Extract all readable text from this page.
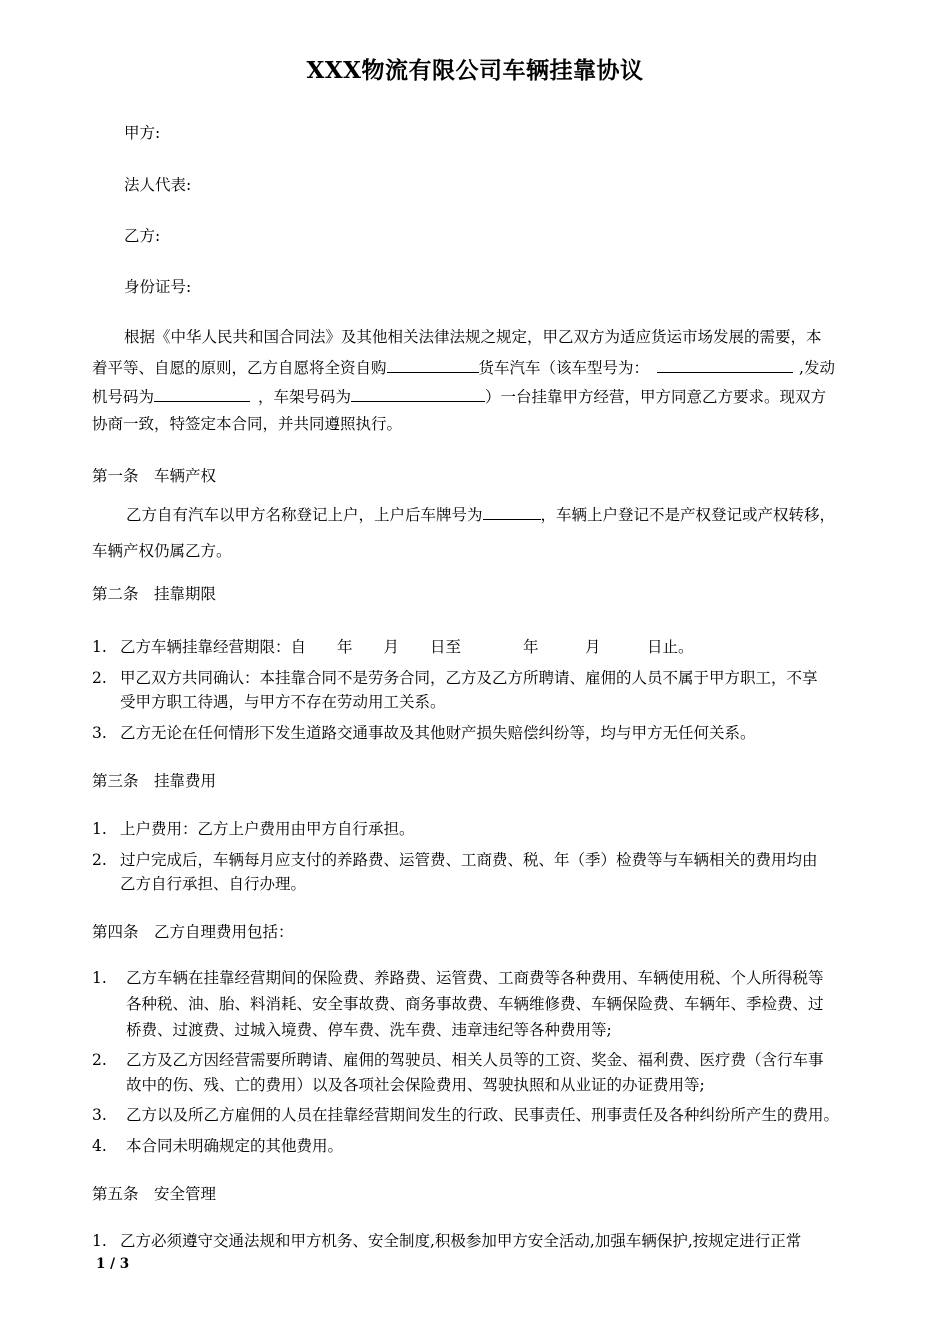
XXX物流有限公司车辆挂靠协议
甲方:
法人代表:
乙方:
身份证号:
根据《中华人民共和国合同法》及其他相关法律法规之规定，甲乙双方为适应货运市场发展的需要，本
着平等、自愿的原则，乙方自愿将全资自购	货车汽车（该车型号为：	,发动
机号码为	，车架号码为	）一台挂靠甲方经营，甲方同意乙方要求。现双方
协商一致，特签定本合同，并共同遵照执行。
第一条　车辆产权
乙方自有汽车以甲方名称登记上户，上户后车牌号为	，车辆上户登记不是产权登记或产权转移，
车辆产权仍属乙方。
第二条　挂靠期限
1. 乙方车辆挂靠经营期限：自　　年　　月　　日至　　　　年　　　月　　　日止。
2. 甲乙双方共同确认：本挂靠合同不是劳务合同，乙方及乙方所聘请、雇佣的人员不属于甲方职工，不享
受甲方职工待遇，与甲方不存在劳动用工关系。
3. 乙方无论在任何情形下发生道路交通事故及其他财产损失赔偿纠纷等，均与甲方无任何关系。
第三条　挂靠费用
1. 上户费用：乙方上户费用由甲方自行承担。
2. 过户完成后，车辆每月应支付的养路费、运管费、工商费、税、年（季）检费等与车辆相关的费用均由
乙方自行承担、自行办理。
第四条　乙方自理费用包括：
1. 乙方车辆在挂靠经营期间的保险费、养路费、运管费、工商费等各种费用、车辆使用税、个人所得税等
各种税、油、胎、料消耗、安全事故费、商务事故费、车辆维修费、车辆保险费、车辆年、季检费、过
桥费、过渡费、过城入境费、停车费、洗车费、违章违纪等各种费用等;
2. 乙方及乙方因经营需要所聘请、雇佣的驾驶员、相关人员等的工资、奖金、福利费、医疗费（含行车事
故中的伤、残、亡的费用）以及各项社会保险费用、驾驶执照和从业证的办证费用等;
3. 乙方以及所乙方雇佣的人员在挂靠经营期间发生的行政、民事责任、刑事责任及各种纠纷所产生的费用。
4. 本合同未明确规定的其他费用。
第五条　安全管理
1. 乙方必须遵守交通法规和甲方机务、安全制度,积极参加甲方安全活动,加强车辆保护,按规定进行正常
1 / 3
